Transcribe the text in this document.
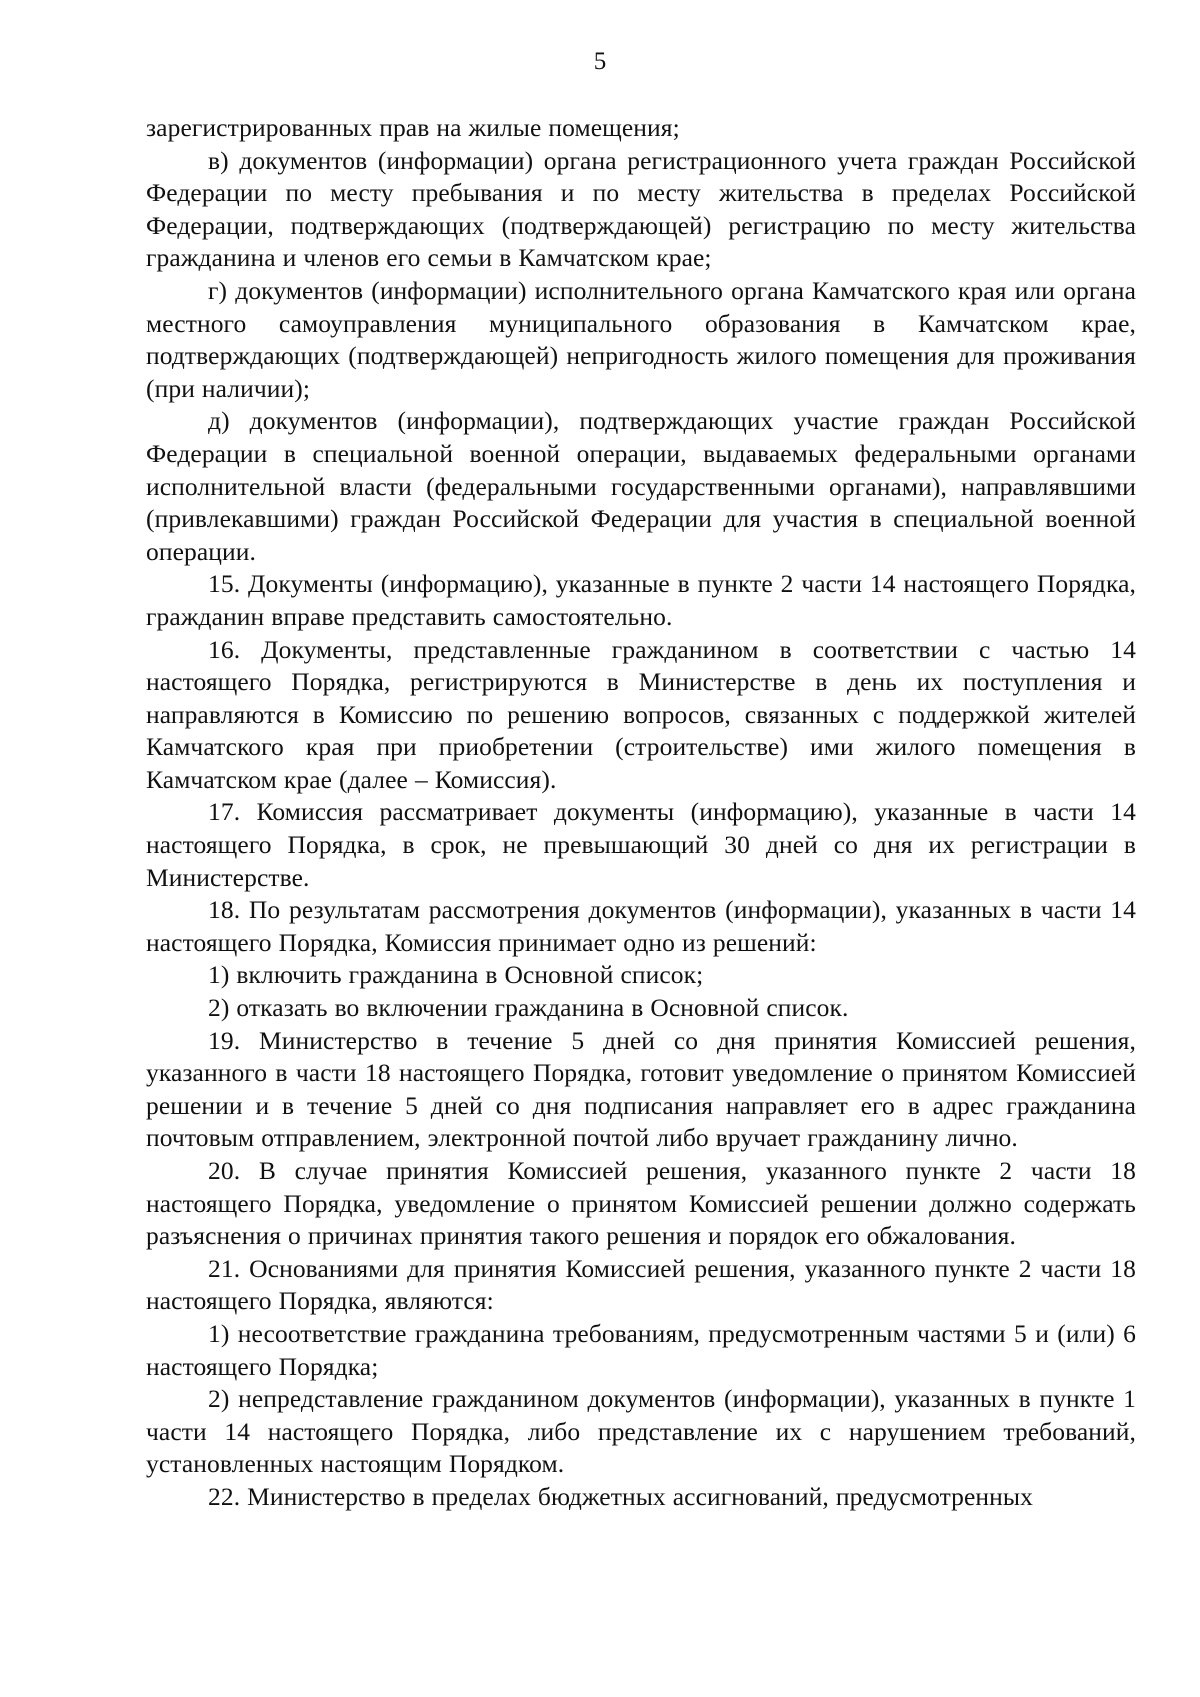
5

зарегистрированных прав на жилые помещения;

в) документов (информации) органа регистрационного учета граждан Российской Федерации по месту пребывания и по месту жительства в пределах Российской Федерации, подтверждающих (подтверждающей) регистрацию по месту жительства гражданина и членов его семьи в Камчатском крае;

г) документов (информации) исполнительного органа Камчатского края или органа местного самоуправления муниципального образования в Камчатском крае, подтверждающих (подтверждающей) непригодность жилого помещения для проживания (при наличии);

д) документов (информации), подтверждающих участие граждан Российской Федерации в специальной военной операции, выдаваемых федеральными органами исполнительной власти (федеральными государственными органами), направлявшими (привлекавшими) граждан Российской Федерации для участия в специальной военной операции.

15. Документы (информацию), указанные в пункте 2 части 14 настоящего Порядка, гражданин вправе представить самостоятельно.

16. Документы, представленные гражданином в соответствии с частью 14 настоящего Порядка, регистрируются в Министерстве в день их поступления и направляются в Комиссию по решению вопросов, связанных с поддержкой жителей Камчатского края при приобретении (строительстве) ими жилого помещения в Камчатском крае (далее – Комиссия).

17. Комиссия рассматривает документы (информацию), указанные в части 14 настоящего Порядка, в срок, не превышающий 30 дней со дня их регистрации в Министерстве.

18. По результатам рассмотрения документов (информации), указанных в части 14 настоящего Порядка, Комиссия принимает одно из решений:

1) включить гражданина в Основной список;

2) отказать во включении гражданина в Основной список.

19. Министерство в течение 5 дней со дня принятия Комиссией решения, указанного в части 18 настоящего Порядка, готовит уведомление о принятом Комиссией решении и в течение 5 дней со дня подписания направляет его в адрес гражданина почтовым отправлением, электронной почтой либо вручает гражданину лично.

20. В случае принятия Комиссией решения, указанного пункте 2 части 18 настоящего Порядка, уведомление о принятом Комиссией решении должно содержать разъяснения о причинах принятия такого решения и порядок его обжалования.

21. Основаниями для принятия Комиссией решения, указанного пункте 2 части 18 настоящего Порядка, являются:

1) несоответствие гражданина требованиям, предусмотренным частями 5 и (или) 6 настоящего Порядка;

2) непредставление гражданином документов (информации), указанных в пункте 1 части 14 настоящего Порядка, либо представление их с нарушением требований, установленных настоящим Порядком.

22. Министерство в пределах бюджетных ассигнований, предусмотренных
